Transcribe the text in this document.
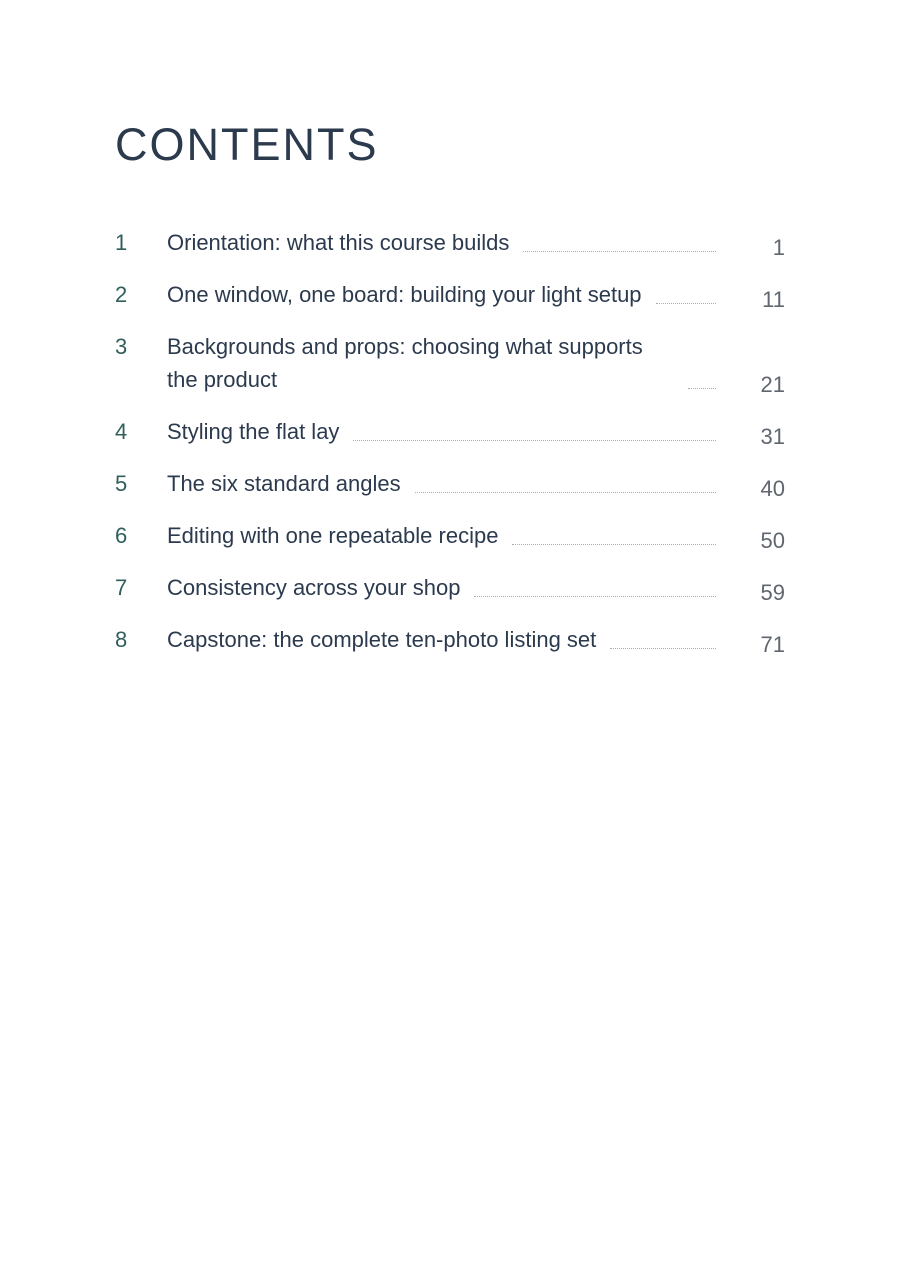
CONTENTS
1	Orientation: what this course builds	1
2	One window, one board: building your light setup	11
3	Backgrounds and props: choosing what supports the product	21
4	Styling the flat lay	31
5	The six standard angles	40
6	Editing with one repeatable recipe	50
7	Consistency across your shop	59
8	Capstone: the complete ten-photo listing set	71
